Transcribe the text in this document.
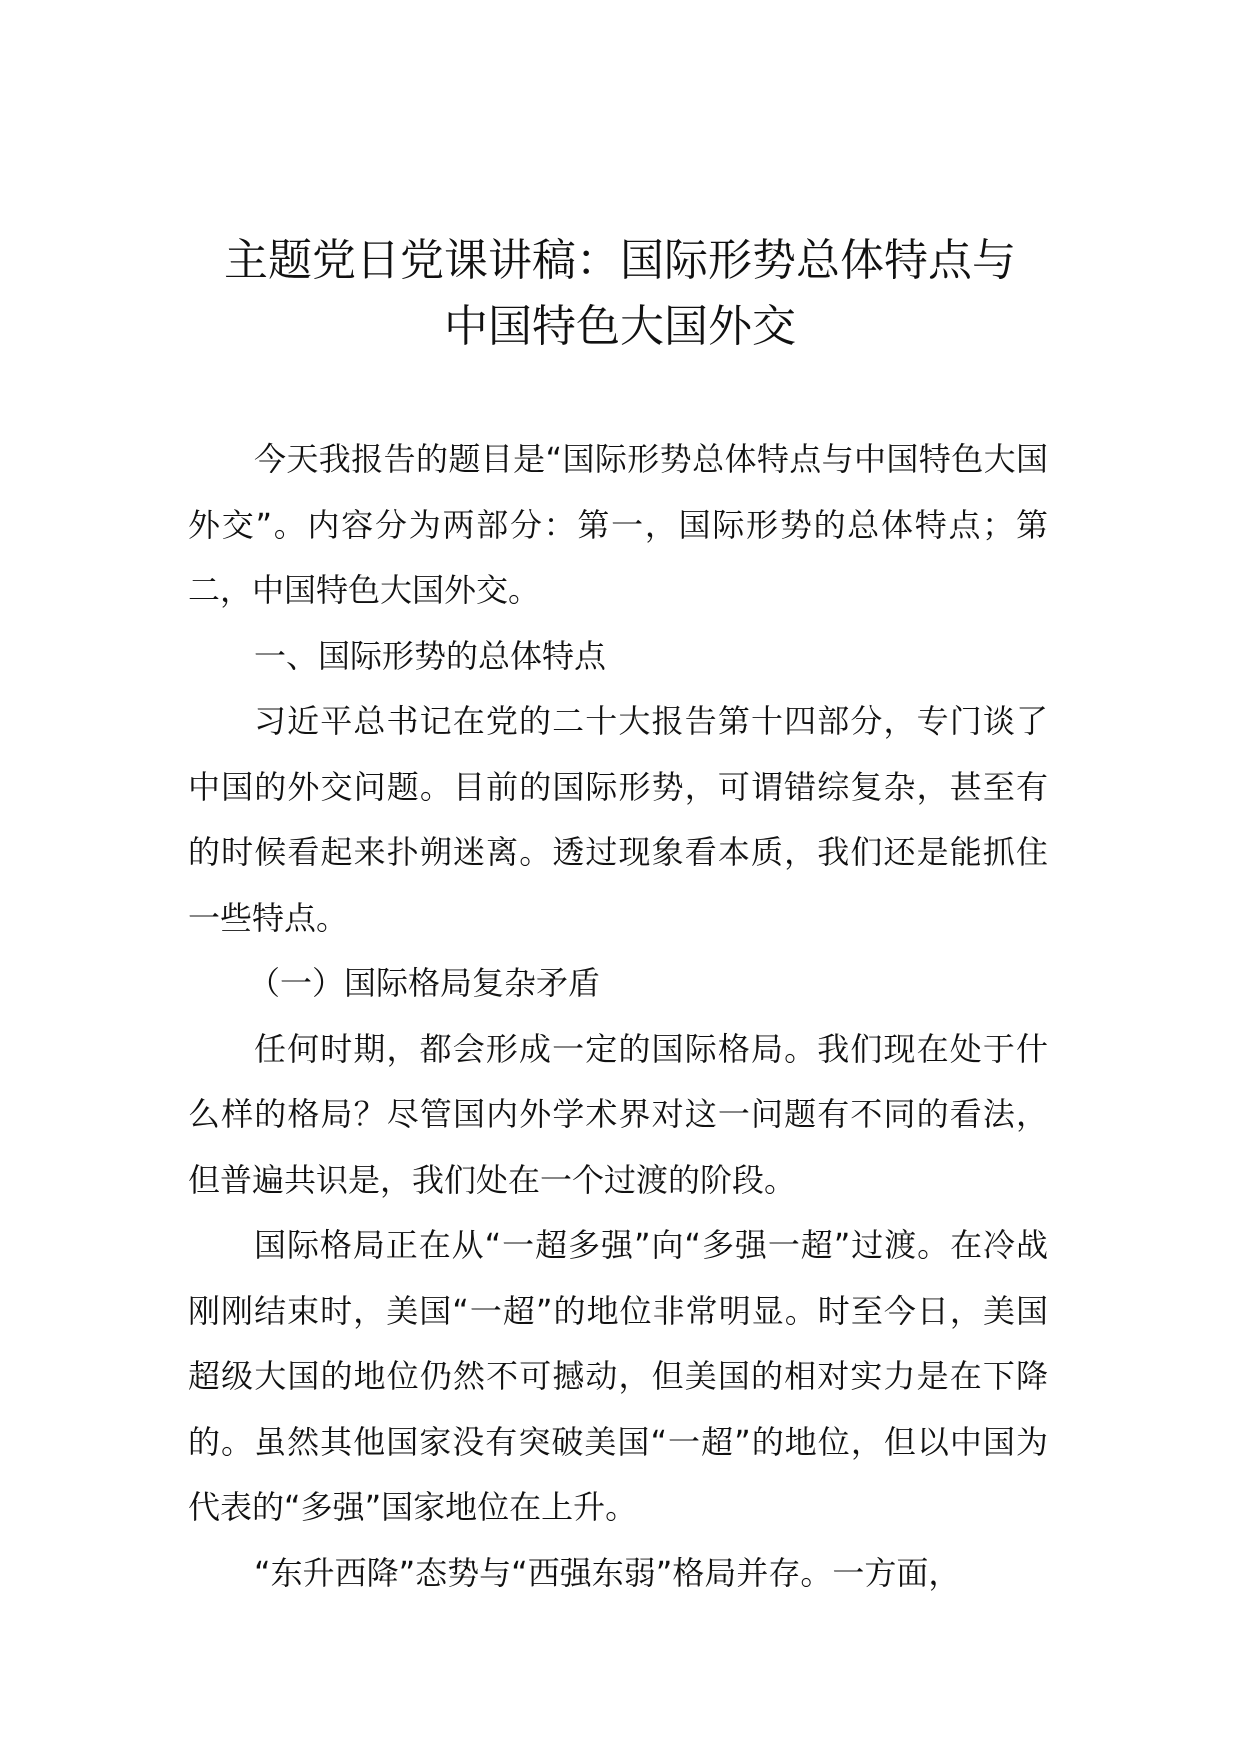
主题党日党课讲稿：国际形势总体特点与
中国特色大国外交

今天我报告的题目是“国际形势总体特点与中国特色大国外交”。内容分为两部分：第一，国际形势的总体特点；第二，中国特色大国外交。

一、国际形势的总体特点

习近平总书记在党的二十大报告第十四部分，专门谈了中国的外交问题。目前的国际形势，可谓错综复杂，甚至有的时候看起来扑朔迷离。透过现象看本质，我们还是能抓住一些特点。

（一）国际格局复杂矛盾

任何时期，都会形成一定的国际格局。我们现在处于什么样的格局？尽管国内外学术界对这一问题有不同的看法，但普遍共识是，我们处在一个过渡的阶段。

国际格局正在从“一超多强”向“多强一超”过渡。在冷战刚刚结束时，美国“一超”的地位非常明显。时至今日，美国超级大国的地位仍然不可撼动，但美国的相对实力是在下降的。虽然其他国家没有突破美国“一超”的地位，但以中国为代表的“多强”国家地位在上升。

“东升西降”态势与“西强东弱”格局并存。一方面，
